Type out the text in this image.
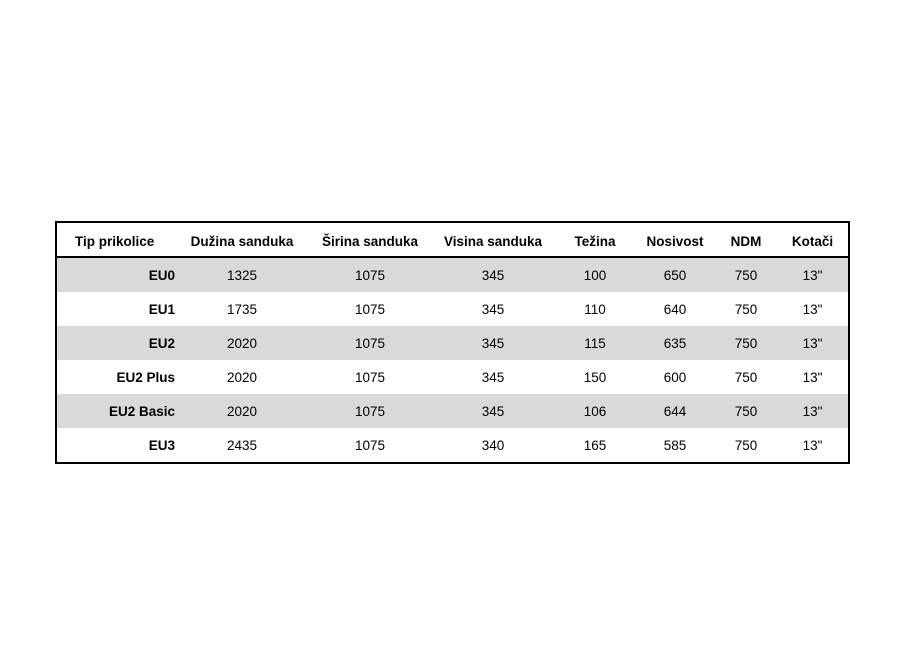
Tip prikolice	Dužina sanduka	Širina sanduka	Visina sanduka	Težina	Nosivost	NDM	Kotači
EU0	1325	1075	345	100	650	750	13"
EU1	1735	1075	345	110	640	750	13"
EU2	2020	1075	345	115	635	750	13"
EU2 Plus	2020	1075	345	150	600	750	13"
EU2 Basic	2020	1075	345	106	644	750	13"
EU3	2435	1075	340	165	585	750	13"
